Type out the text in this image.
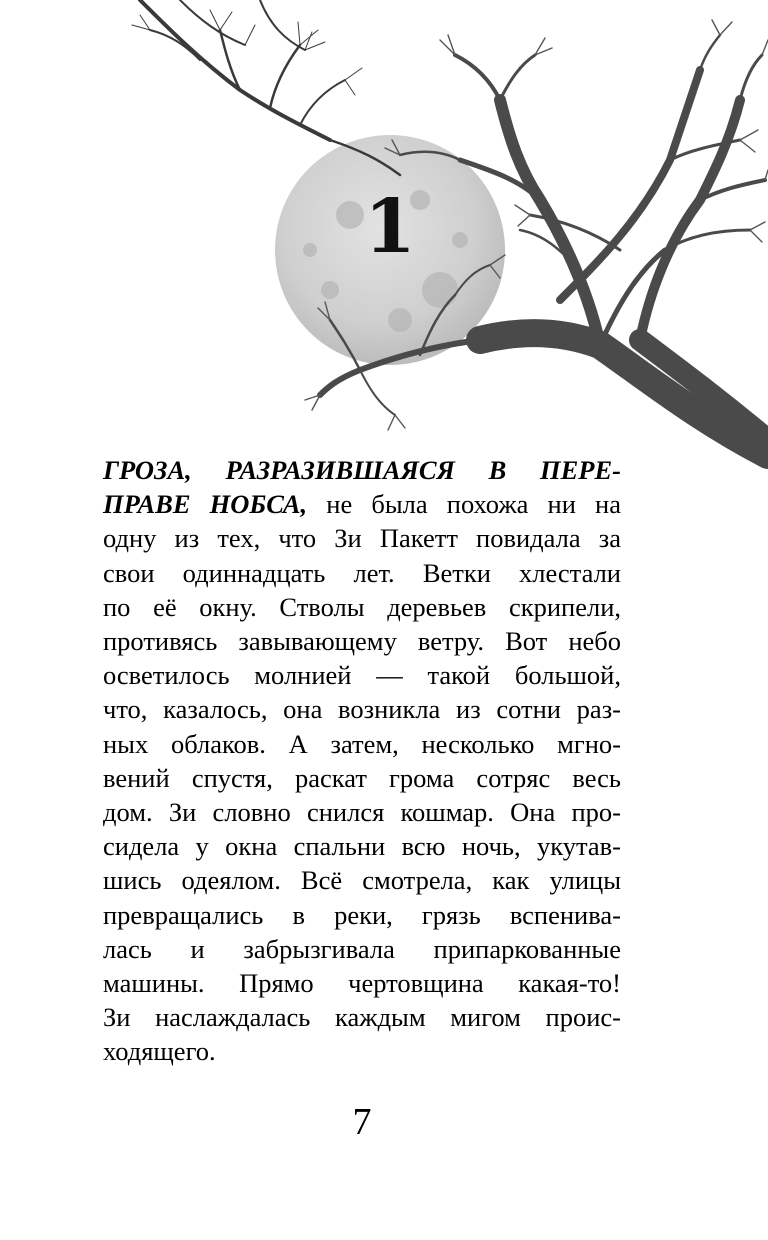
1
ГРОЗА, РАЗРАЗИВШАЯСЯ В ПЕРЕ-
ПРАВЕ НОБСА, не была похожа ни на
одну из тех, что Зи Пакетт повидала за
свои одиннадцать лет. Ветки хлестали
по её окну. Стволы деревьев скрипели,
противясь завывающему ветру. Вот небо
осветилось молнией — такой большой,
что, казалось, она возникла из сотни раз-
ных облаков. А затем, несколько мгно-
вений спустя, раскат грома сотряс весь
дом. Зи словно снился кошмар. Она про-
сидела у окна спальни всю ночь, укутав-
шись одеялом. Всё смотрела, как улицы
превращались в реки, грязь вспенива-
лась и забрызгивала припаркованные
машины. Прямо чертовщина какая-то!
Зи наслаждалась каждым мигом проис-
ходящего.
7
